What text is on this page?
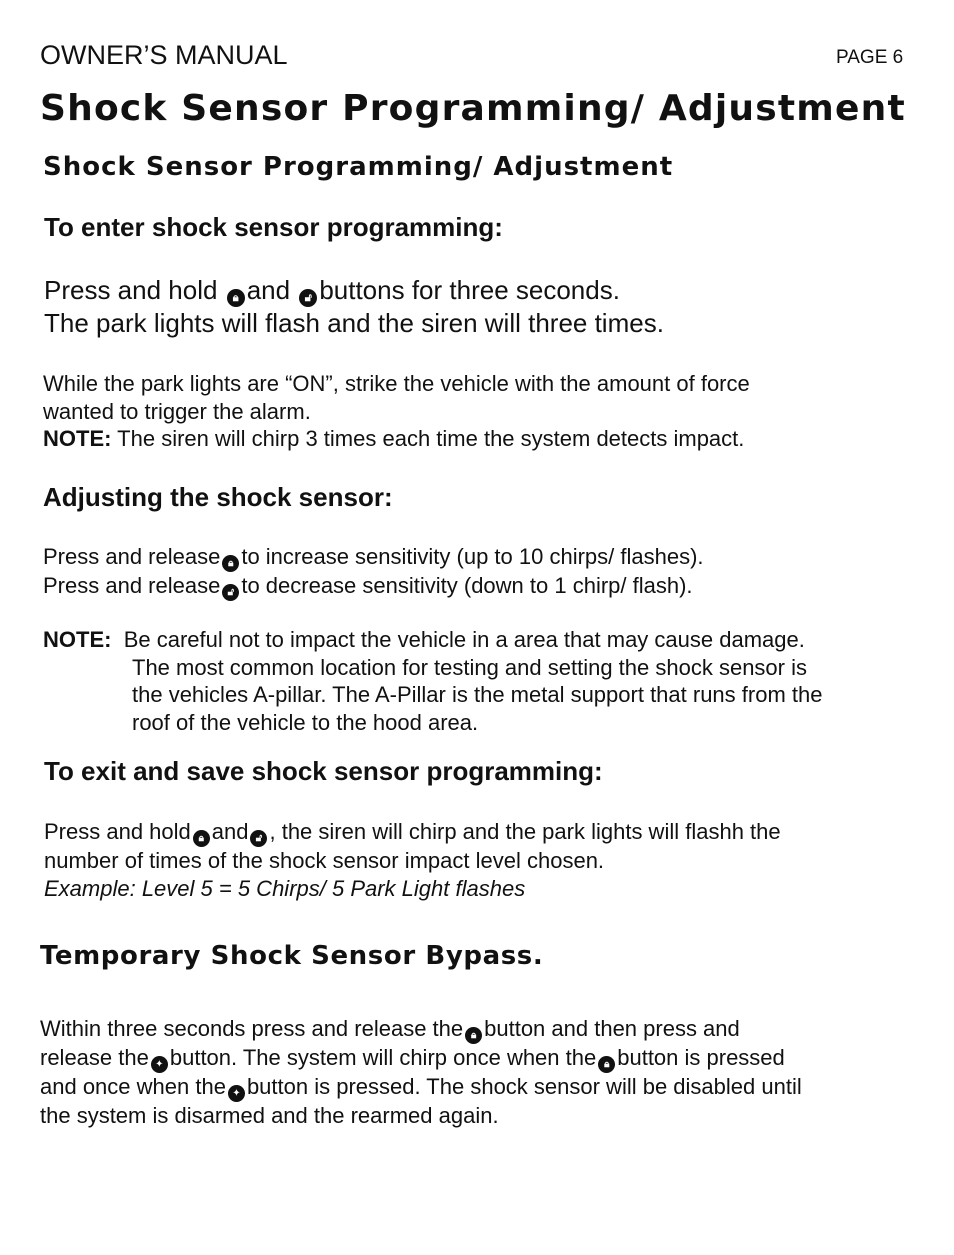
OWNER’S MANUAL	PAGE 6
Shock Sensor Programming/ Adjustment
Shock Sensor Programming/ Adjustment
To enter shock sensor programming:
Press and hold 🔒︎ and 🔓︎ buttons for three seconds.
The park lights will flash and the siren will three times.
While the park lights are “ON”, strike the vehicle with the amount of force
wanted to trigger the alarm.
NOTE: The siren will chirp 3 times each time the system detects impact.
Adjusting the shock sensor:
Press and release 🔒︎ to increase sensitivity (up to 10 chirps/ flashes).
Press and release 🔓︎ to decrease sensitivity (down to 1 chirp/ flash).
NOTE: Be careful not to impact the vehicle in a area that may cause damage.
The most common location for testing and setting the shock sensor is
the vehicles A-pillar. The A-Pillar is the metal support that runs from the
roof of the vehicle to the hood area.
To exit and save shock sensor programming:
Press and hold 🔒︎ and 🔓︎ , the siren will chirp and the park lights will flashh the
number of times of the shock sensor impact level chosen.
Example: Level 5 = 5 Chirps/ 5 Park Light flashes
Temporary Shock Sensor Bypass.
Within three seconds press and release the 🔒︎ button and then press and
release the ✦ button. The system will chirp once when the 🔒︎ button is pressed
and once when the ✦ button is pressed. The shock sensor will be disabled until
the system is disarmed and the rearmed again.
